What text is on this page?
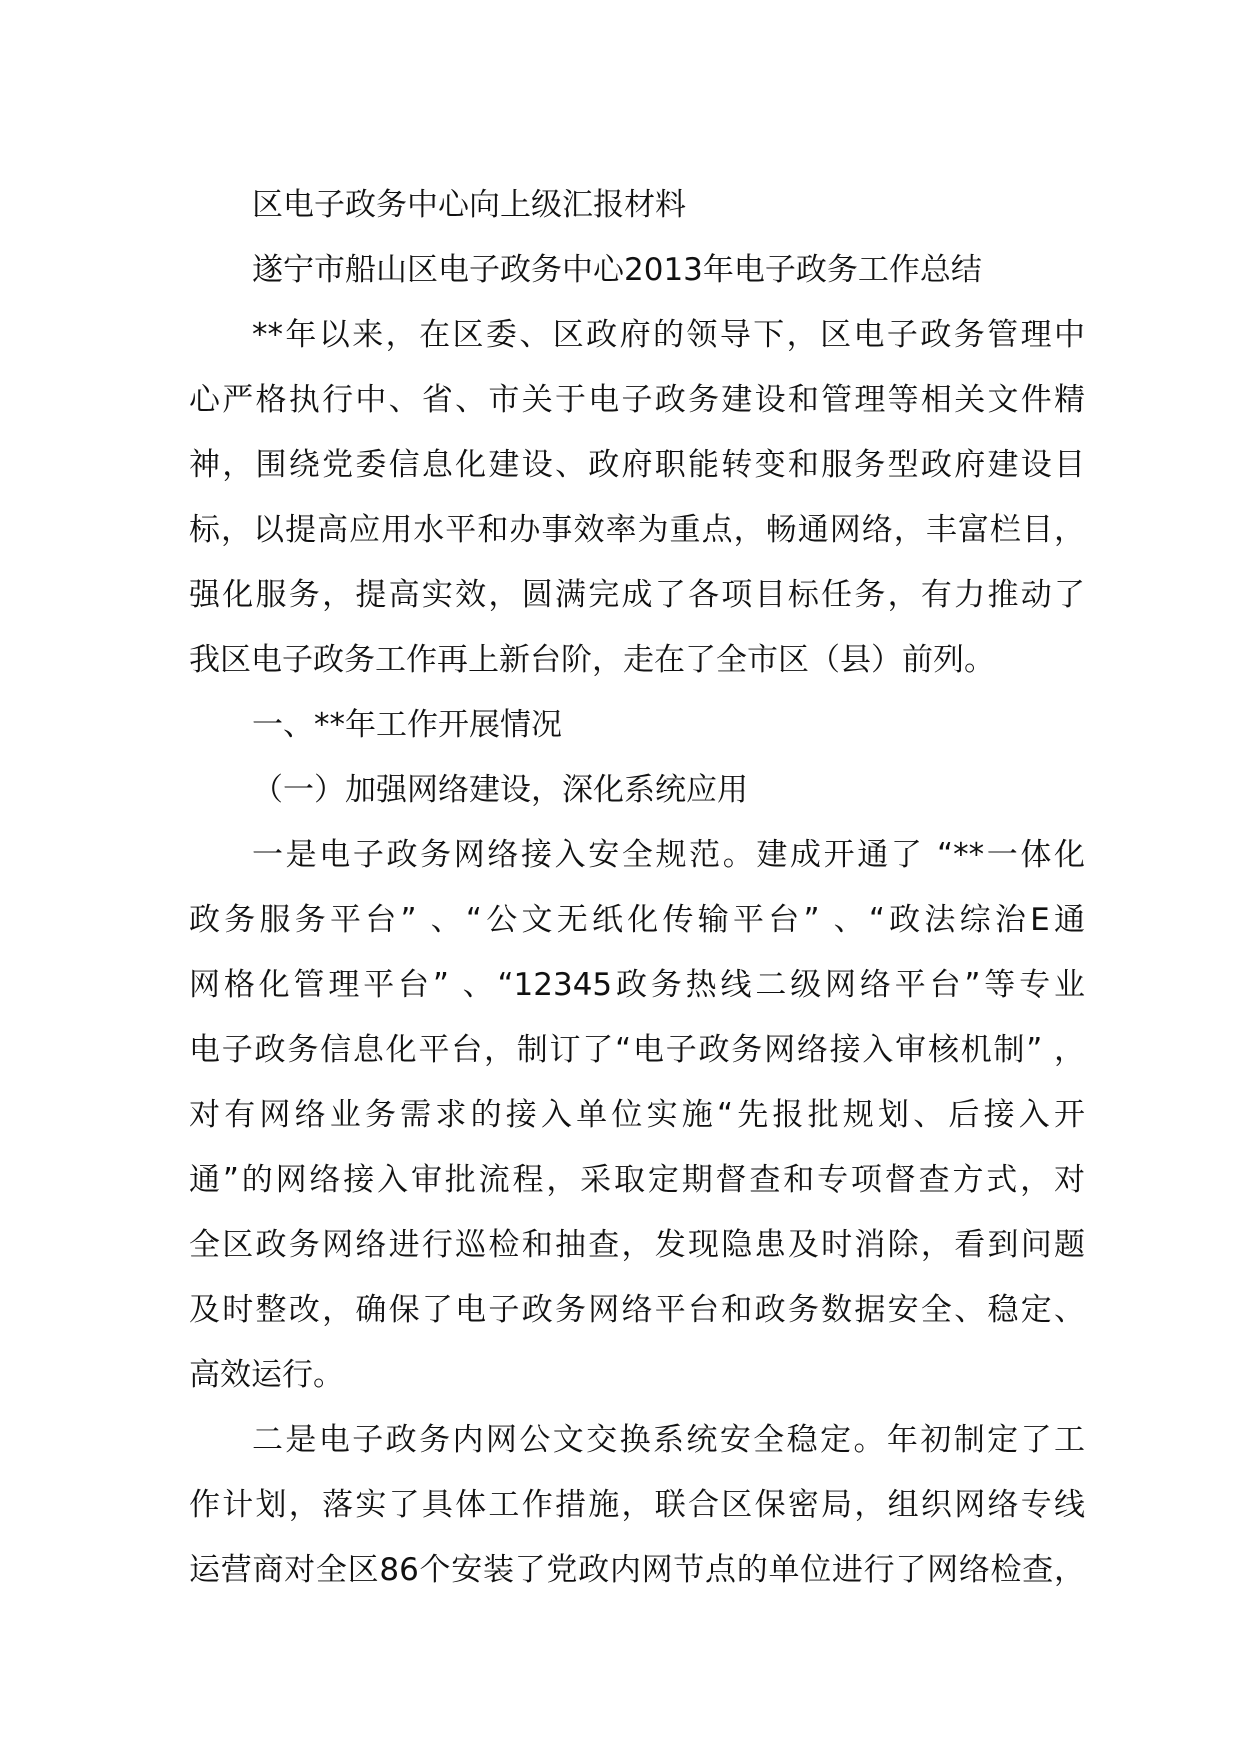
区电子政务中心向上级汇报材料
遂宁市船山区电子政务中心2013年电子政务工作总结
**年以来，在区委、区政府的领导下，区电子政务管理中
心严格执行中、省、市关于电子政务建设和管理等相关文件精
神，围绕党委信息化建设、政府职能转变和服务型政府建设目
标，以提高应用水平和办事效率为重点，畅通网络，丰富栏目，
强化服务，提高实效，圆满完成了各项目标任务，有力推动了
我区电子政务工作再上新台阶，走在了全市区（县）前列。
一、**年工作开展情况
（一）加强网络建设，深化系统应用
一是电子政务网络接入安全规范。建成开通了 “**一体化
政务服务平台” 、“公文无纸化传输平台” 、“政法综治E通
网格化管理平台” 、“12345政务热线二级网络平台”等专业
电子政务信息化平台，制订了“电子政务网络接入审核机制” ，
对有网络业务需求的接入单位实施“先报批规划、后接入开
通”的网络接入审批流程，采取定期督查和专项督查方式，对
全区政务网络进行巡检和抽查，发现隐患及时消除，看到问题
及时整改，确保了电子政务网络平台和政务数据安全、稳定、
高效运行。
二是电子政务内网公文交换系统安全稳定。年初制定了工
作计划，落实了具体工作措施，联合区保密局，组织网络专线
运营商对全区86个安装了党政内网节点的单位进行了网络检查，
